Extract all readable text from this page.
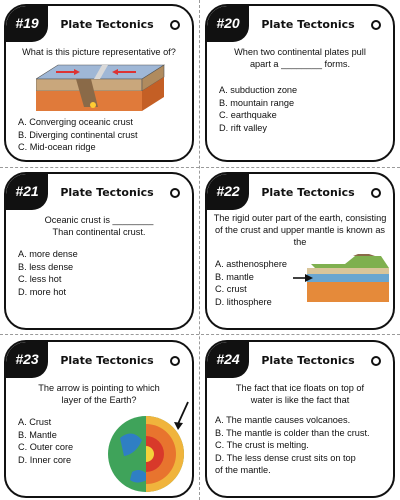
#19	Plate Tectonics
What is this picture representative of?
A. Converging oceanic crust
B. Diverging continental crust
C. Mid-ocean ridge
#20	Plate Tectonics
When two continental plates pull apart a ________ forms.
A. subduction zone
B. mountain range
C. earthquake
D. rift valley
#21	Plate Tectonics
Oceanic crust is ________ Than continental crust.
A. more dense
B. less dense
C. less hot
D. more hot
#22	Plate Tectonics
The rigid outer part of the earth, consisting of the crust and upper mantle is known as the
A. asthenosphere
B. mantle
C. crust
D. lithosphere
#23	Plate Tectonics
The arrow is pointing to which layer of the Earth?
A. Crust
B. Mantle
C. Outer core
D. Inner core
#24	Plate Tectonics
The fact that ice floats on top of water is like the fact that
A. The mantle causes volcanoes.
B. The mantle is colder than the crust.
C. The crust is melting.
D. The less dense crust sits on top of the mantle.
